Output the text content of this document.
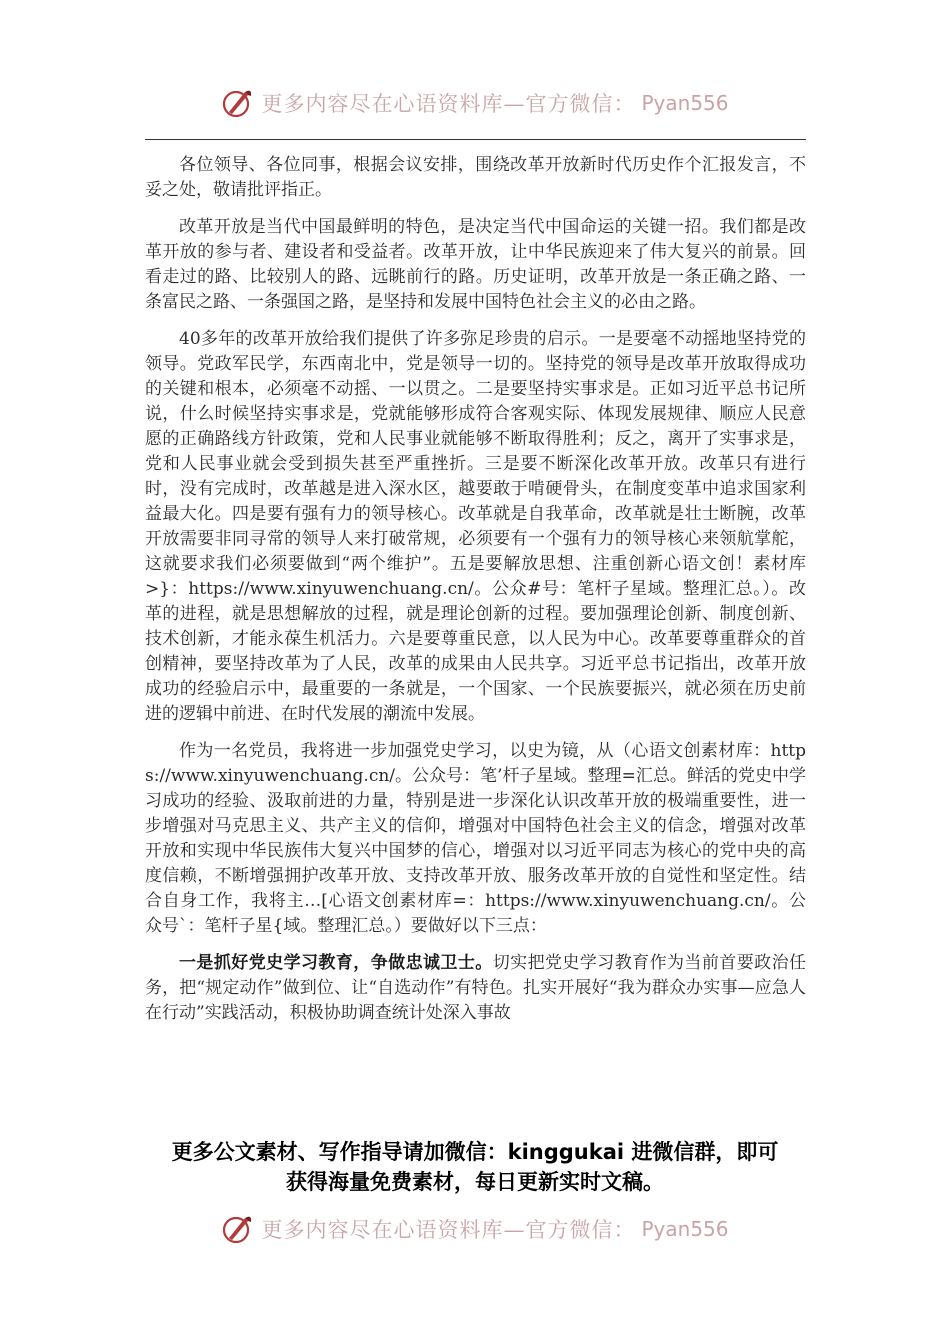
更多内容尽在心语资料库—官方微信： Pyan556

各位领导、各位同事，根据会议安排，围绕改革开放新时代历史作个汇报发言，不妥之处，敬请批评指正。

改革开放是当代中国最鲜明的特色，是决定当代中国命运的关键一招。我们都是改革开放的参与者、建设者和受益者。改革开放，让中华民族迎来了伟大复兴的前景。回看走过的路、比较别人的路、远眺前行的路。历史证明，改革开放是一条正确之路、一条富民之路、一条强国之路，是坚持和发展中国特色社会主义的必由之路。

40多年的改革开放给我们提供了许多弥足珍贵的启示。一是要毫不动摇地坚持党的领导。党政军民学，东西南北中，党是领导一切的。坚持党的领导是改革开放取得成功的关键和根本，必须毫不动摇、一以贯之。二是要坚持实事求是。正如习近平总书记所说，什么时候坚持实事求是，党就能够形成符合客观实际、体现发展规律、顺应人民意愿的正确路线方针政策，党和人民事业就能够不断取得胜利；反之，离开了实事求是，党和人民事业就会受到损失甚至严重挫折。三是要不断深化改革开放。改革只有进行时，没有完成时，改革越是进入深水区，越要敢于啃硬骨头，在制度变革中追求国家利益最大化。四是要有强有力的领导核心。改革就是自我革命，改革就是壮士断腕，改革开放需要非同寻常的领导人来打破常规，必须要有一个强有力的领导核心来领航掌舵，这就要求我们必须要做到“两个维护”。五是要解放思想、注重创新心语文创！素材库>}：https://www.xinyuwenchuang.cn/。公众#号：笔杆子星域。整理汇总。）。改革的进程，就是思想解放的过程，就是理论创新的过程。要加强理论创新、制度创新、技术创新，才能永葆生机活力。六是要尊重民意，以人民为中心。改革要尊重群众的首创精神，要坚持改革为了人民，改革的成果由人民共享。习近平总书记指出，改革开放成功的经验启示中，最重要的一条就是，一个国家、一个民族要振兴，就必须在历史前进的逻辑中前进、在时代发展的潮流中发展。

作为一名党员，我将进一步加强党史学习，以史为镜，从（心语文创素材库：https://www.xinyuwenchuang.cn/。公众号：笔’杆子星域。整理=汇总。鲜活的党史中学习成功的经验、汲取前进的力量，特别是进一步深化认识改革开放的极端重要性，进一步增强对马克思主义、共产主义的信仰，增强对中国特色社会主义的信念，增强对改革开放和实现中华民族伟大复兴中国梦的信心，增强对以习近平同志为核心的党中央的高度信赖，不断增强拥护改革开放、支持改革开放、服务改革开放的自觉性和坚定性。结合自身工作，我将主…[心语文创素材库=：https://www.xinyuwenchuang.cn/。公众号`：笔杆子星{域。整理汇总。）要做好以下三点：

一是抓好党史学习教育，争做忠诚卫士。切实把党史学习教育作为当前首要政治任务，把“规定动作”做到位、让“自选动作”有特色。扎实开展好“我为群众办实事—应急人在行动”实践活动，积极协助调查统计处深入事故

更多公文素材、写作指导请加微信：kinggukai 进微信群，即可
获得海量免费素材，每日更新实时文稿。
更多内容尽在心语资料库—官方微信： Pyan556
